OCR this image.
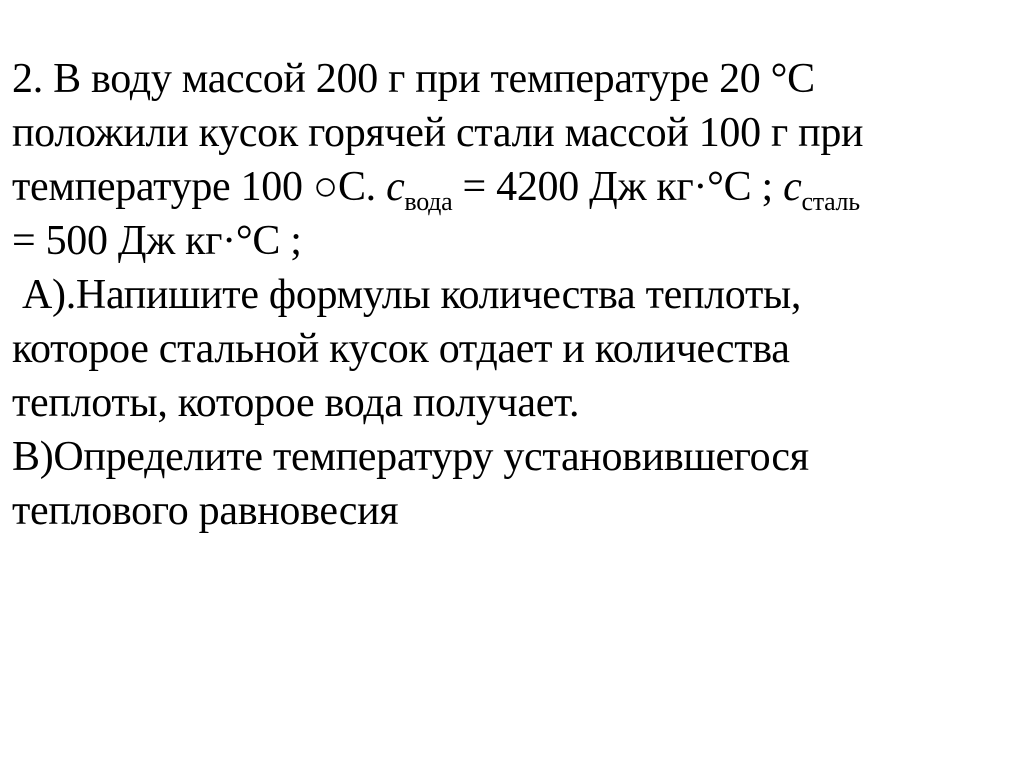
2. В воду массой 200 г при температуре 20 °С
положили кусок горячей стали массой 100 г при
температуре 100 ○С. $c_{вода} = 4200$ Дж кг·°С ; $c_{сталь}$
= 500 Дж кг·°С ;
А).Напишите формулы количества теплоты,
которое стальной кусок отдает и количества
теплоты, которое вода получает.
В)Определите температуру установившегося
теплового равновесия
